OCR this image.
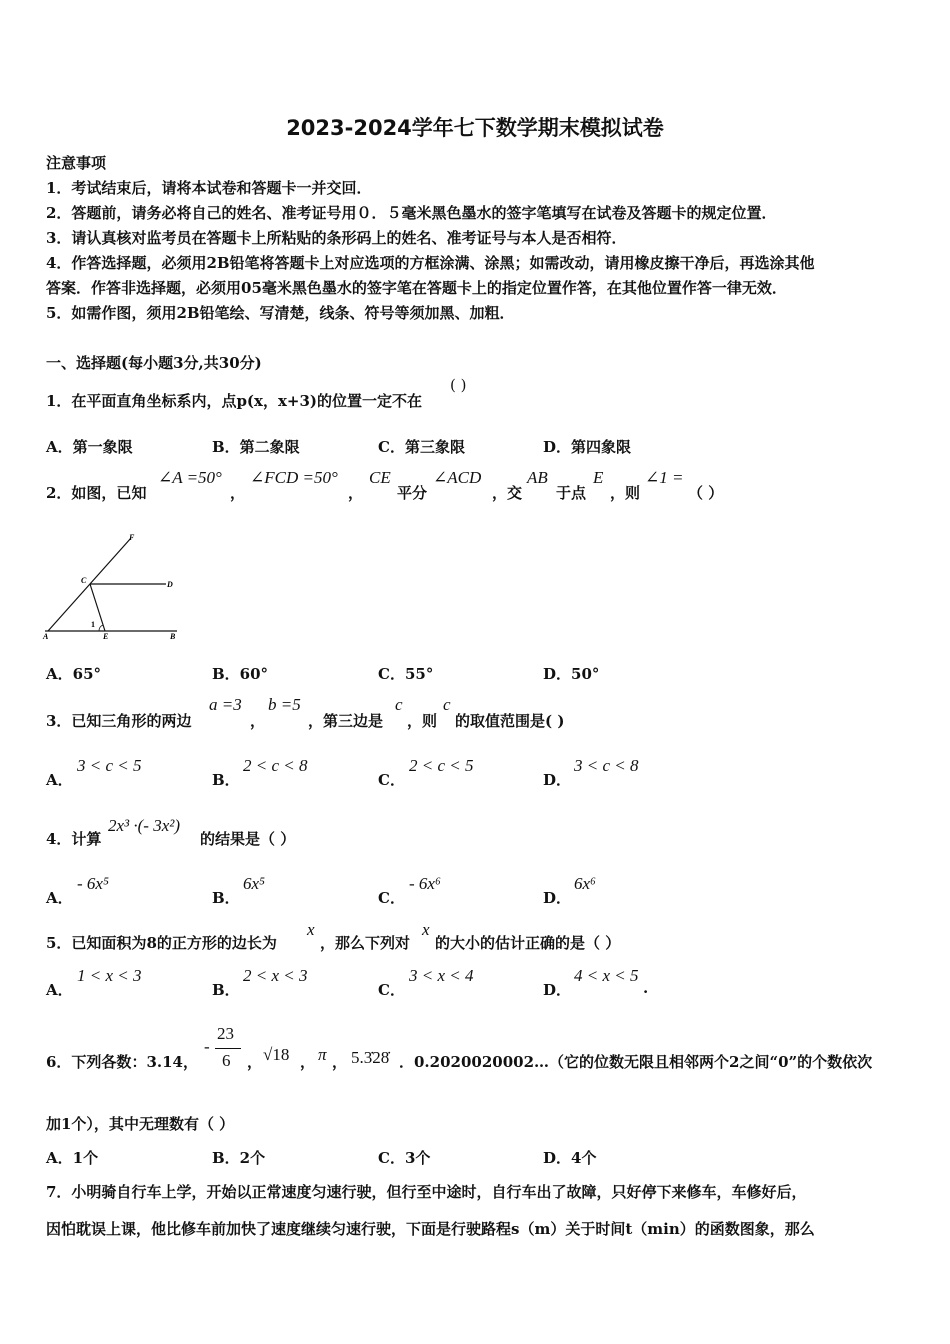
2023-2024学年七下数学期末模拟试卷
注意事项
1．考试结束后，请将本试卷和答题卡一并交回．
2．答题前，请务必将自己的姓名、准考证号用０．５毫米黑色墨水的签字笔填写在试卷及答题卡的规定位置．
3．请认真核对监考员在答题卡上所粘贴的条形码上的姓名、准考证号与本人是否相符．
4．作答选择题，必须用2B铅笔将答题卡上对应选项的方框涂满、涂黑；如需改动，请用橡皮擦干净后，再选涂其他
答案．作答非选择题，必须用05毫米黑色墨水的签字笔在答题卡上的指定位置作答，在其他位置作答一律无效．
5．如需作图，须用2B铅笔绘、写清楚，线条、符号等须加黑、加粗．
一、选择题(每小题3分,共30分)
1．在平面直角坐标系内，点p(x，x+3)的位置一定不在
( )
A．第一象限	B．第二象限	C．第三象限	D．第四象限
2．如图，已知
∠A =50°
，
∠FCD =50°
，
CE
平分
∠ACD
，交
AB
于点
E
，则
∠1 =
（ ）
F
C	D
A	E	B
1
A．65°	B．60°	C．55°	D．50°
3．已知三角形的两边
a =3
，
b =5
，第三边是
c
，则
c
的取值范围是( )
A．
3 < c < 5
B．
2 < c < 8
C．
2 < c < 5
D．
3 < c < 8
4．计算
2x³ ·(- 3x²)
的结果是（ ）
A．
- 6x⁵
B．
6x⁵
C．
- 6x⁶
D．
6x⁶
5．已知面积为8的正方形的边长为
x
，那么下列对
x
的大小的估计正确的是（ ）
A．
1 < x < 3
B．
2 < x < 3
C．
3 < x < 4
D．
4 < x < 5
.
6．下列各数：3.14，
-
23
6 ， √18 ， π ， 5.3̇28̇ ． 0.2020020002…（它的位数无限且相邻两个2之间“0”的个数依次
加1个），其中无理数有（ ）
A．1个	B．2个	C．3个	D．4个
7．小明骑自行车上学，开始以正常速度匀速行驶，但行至中途时，自行车出了故障，只好停下来修车，车修好后，
因怕耽误上课，他比修车前加快了速度继续匀速行驶，下面是行驶路程s（m）关于时间t（min）的函数图象，那么
